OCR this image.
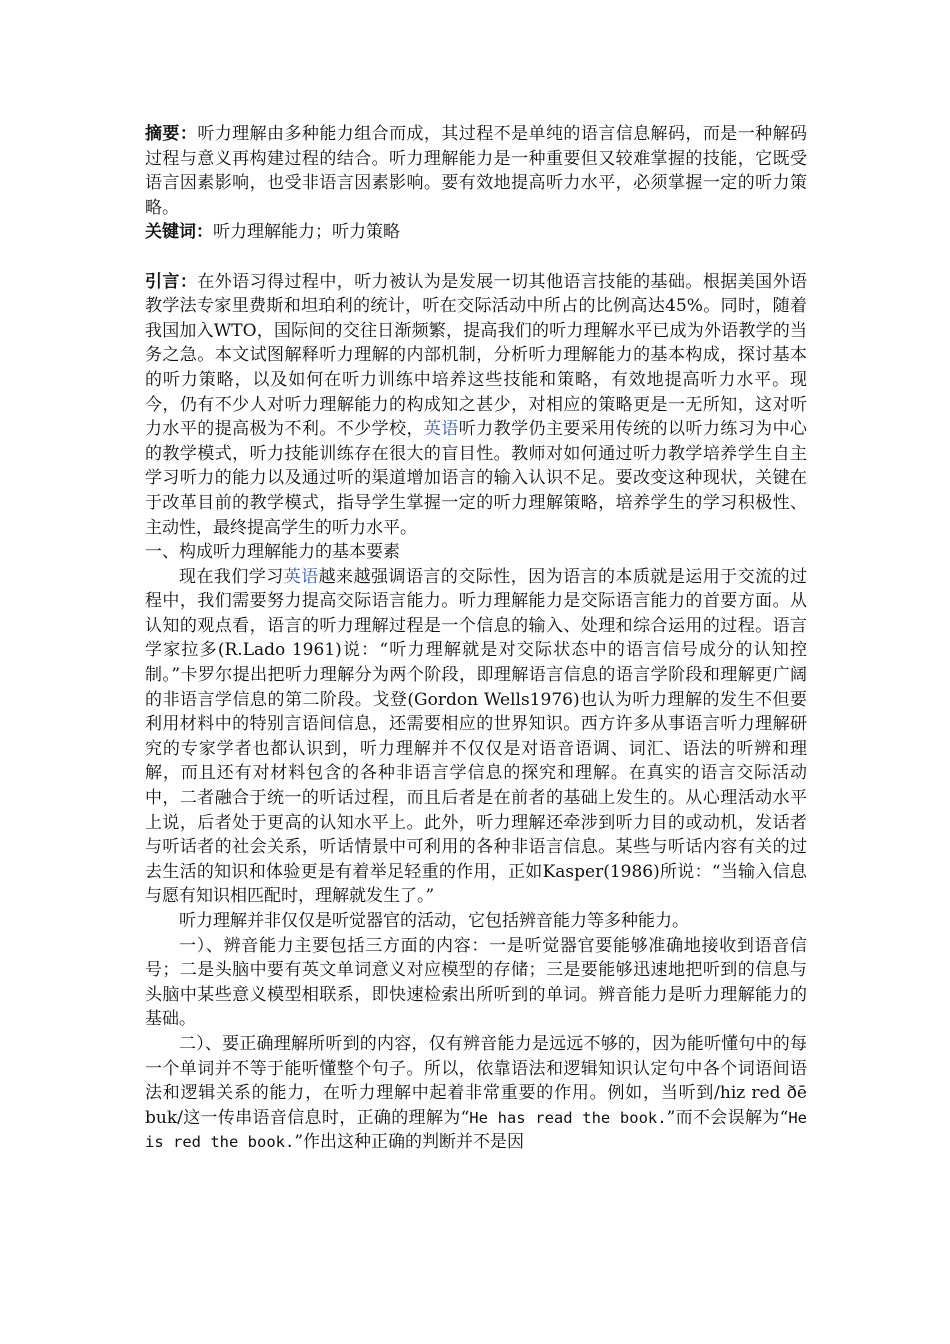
摘要：听力理解由多种能力组合而成，其过程不是单纯的语言信息解码，而是一种解码过程与意义再构建过程的结合。听力理解能力是一种重要但又较难掌握的技能，它既受语言因素影响，也受非语言因素影响。要有效地提高听力水平，必须掌握一定的听力策略。

关键词：听力理解能力；听力策略

引言：在外语习得过程中，听力被认为是发展一切其他语言技能的基础。根据美国外语教学法专家里费斯和坦珀利的统计，听在交际活动中所占的比例高达45%。同时，随着我国加入WTO，国际间的交往日渐频繁，提高我们的听力理解水平已成为外语教学的当务之急。本文试图解释听力理解的内部机制，分析听力理解能力的基本构成，探讨基本的听力策略，以及如何在听力训练中培养这些技能和策略，有效地提高听力水平。现今，仍有不少人对听力理解能力的构成知之甚少，对相应的策略更是一无所知，这对听力水平的提高极为不利。不少学校，英语听力教学仍主要采用传统的以听力练习为中心的教学模式，听力技能训练存在很大的盲目性。教师对如何通过听力教学培养学生自主学习听力的能力以及通过听的渠道增加语言的输入认识不足。要改变这种现状，关键在于改革目前的教学模式，指导学生掌握一定的听力理解策略，培养学生的学习积极性、主动性，最终提高学生的听力水平。

一、构成听力理解能力的基本要素

现在我们学习英语越来越强调语言的交际性，因为语言的本质就是运用于交流的过程中，我们需要努力提高交际语言能力。听力理解能力是交际语言能力的首要方面。从认知的观点看，语言的听力理解过程是一个信息的输入、处理和综合运用的过程。语言学家拉多(R.Lado 1961)说：“听力理解就是对交际状态中的语言信号成分的认知控制。”卡罗尔提出把听力理解分为两个阶段，即理解语言信息的语言学阶段和理解更广阔的非语言学信息的第二阶段。戈登(Gordon Wells1976)也认为听力理解的发生不但要利用材料中的特别言语间信息，还需要相应的世界知识。西方许多从事语言听力理解研究的专家学者也都认识到，听力理解并不仅仅是对语音语调、词汇、语法的听辨和理解，而且还有对材料包含的各种非语言学信息的探究和理解。在真实的语言交际活动中，二者融合于统一的听话过程，而且后者是在前者的基础上发生的。从心理活动水平上说，后者处于更高的认知水平上。此外，听力理解还牵涉到听力目的或动机，发话者与听话者的社会关系，听话情景中可利用的各种非语言信息。某些与听话内容有关的过去生活的知识和体验更是有着举足轻重的作用，正如Kasper(1986)所说：“当输入信息与愿有知识相匹配时，理解就发生了。”

听力理解并非仅仅是听觉器官的活动，它包括辨音能力等多种能力。

一）、辨音能力主要包括三方面的内容：一是听觉器官要能够准确地接收到语音信号；二是头脑中要有英文单词意义对应模型的存储；三是要能够迅速地把听到的信息与头脑中某些意义模型相联系，即快速检索出所听到的单词。辨音能力是听力理解能力的基础。

二）、要正确理解所听到的内容，仅有辨音能力是远远不够的，因为能听懂句中的每一个单词并不等于能听懂整个句子。所以，依靠语法和逻辑知识认定句中各个词语间语法和逻辑关系的能力，在听力理解中起着非常重要的作用。例如，当听到/hiz red ðē buk/这一传串语音信息时，正确的理解为“He has read the book.”而不会误解为“He is red the book.”作出这种正确的判断并不是因
